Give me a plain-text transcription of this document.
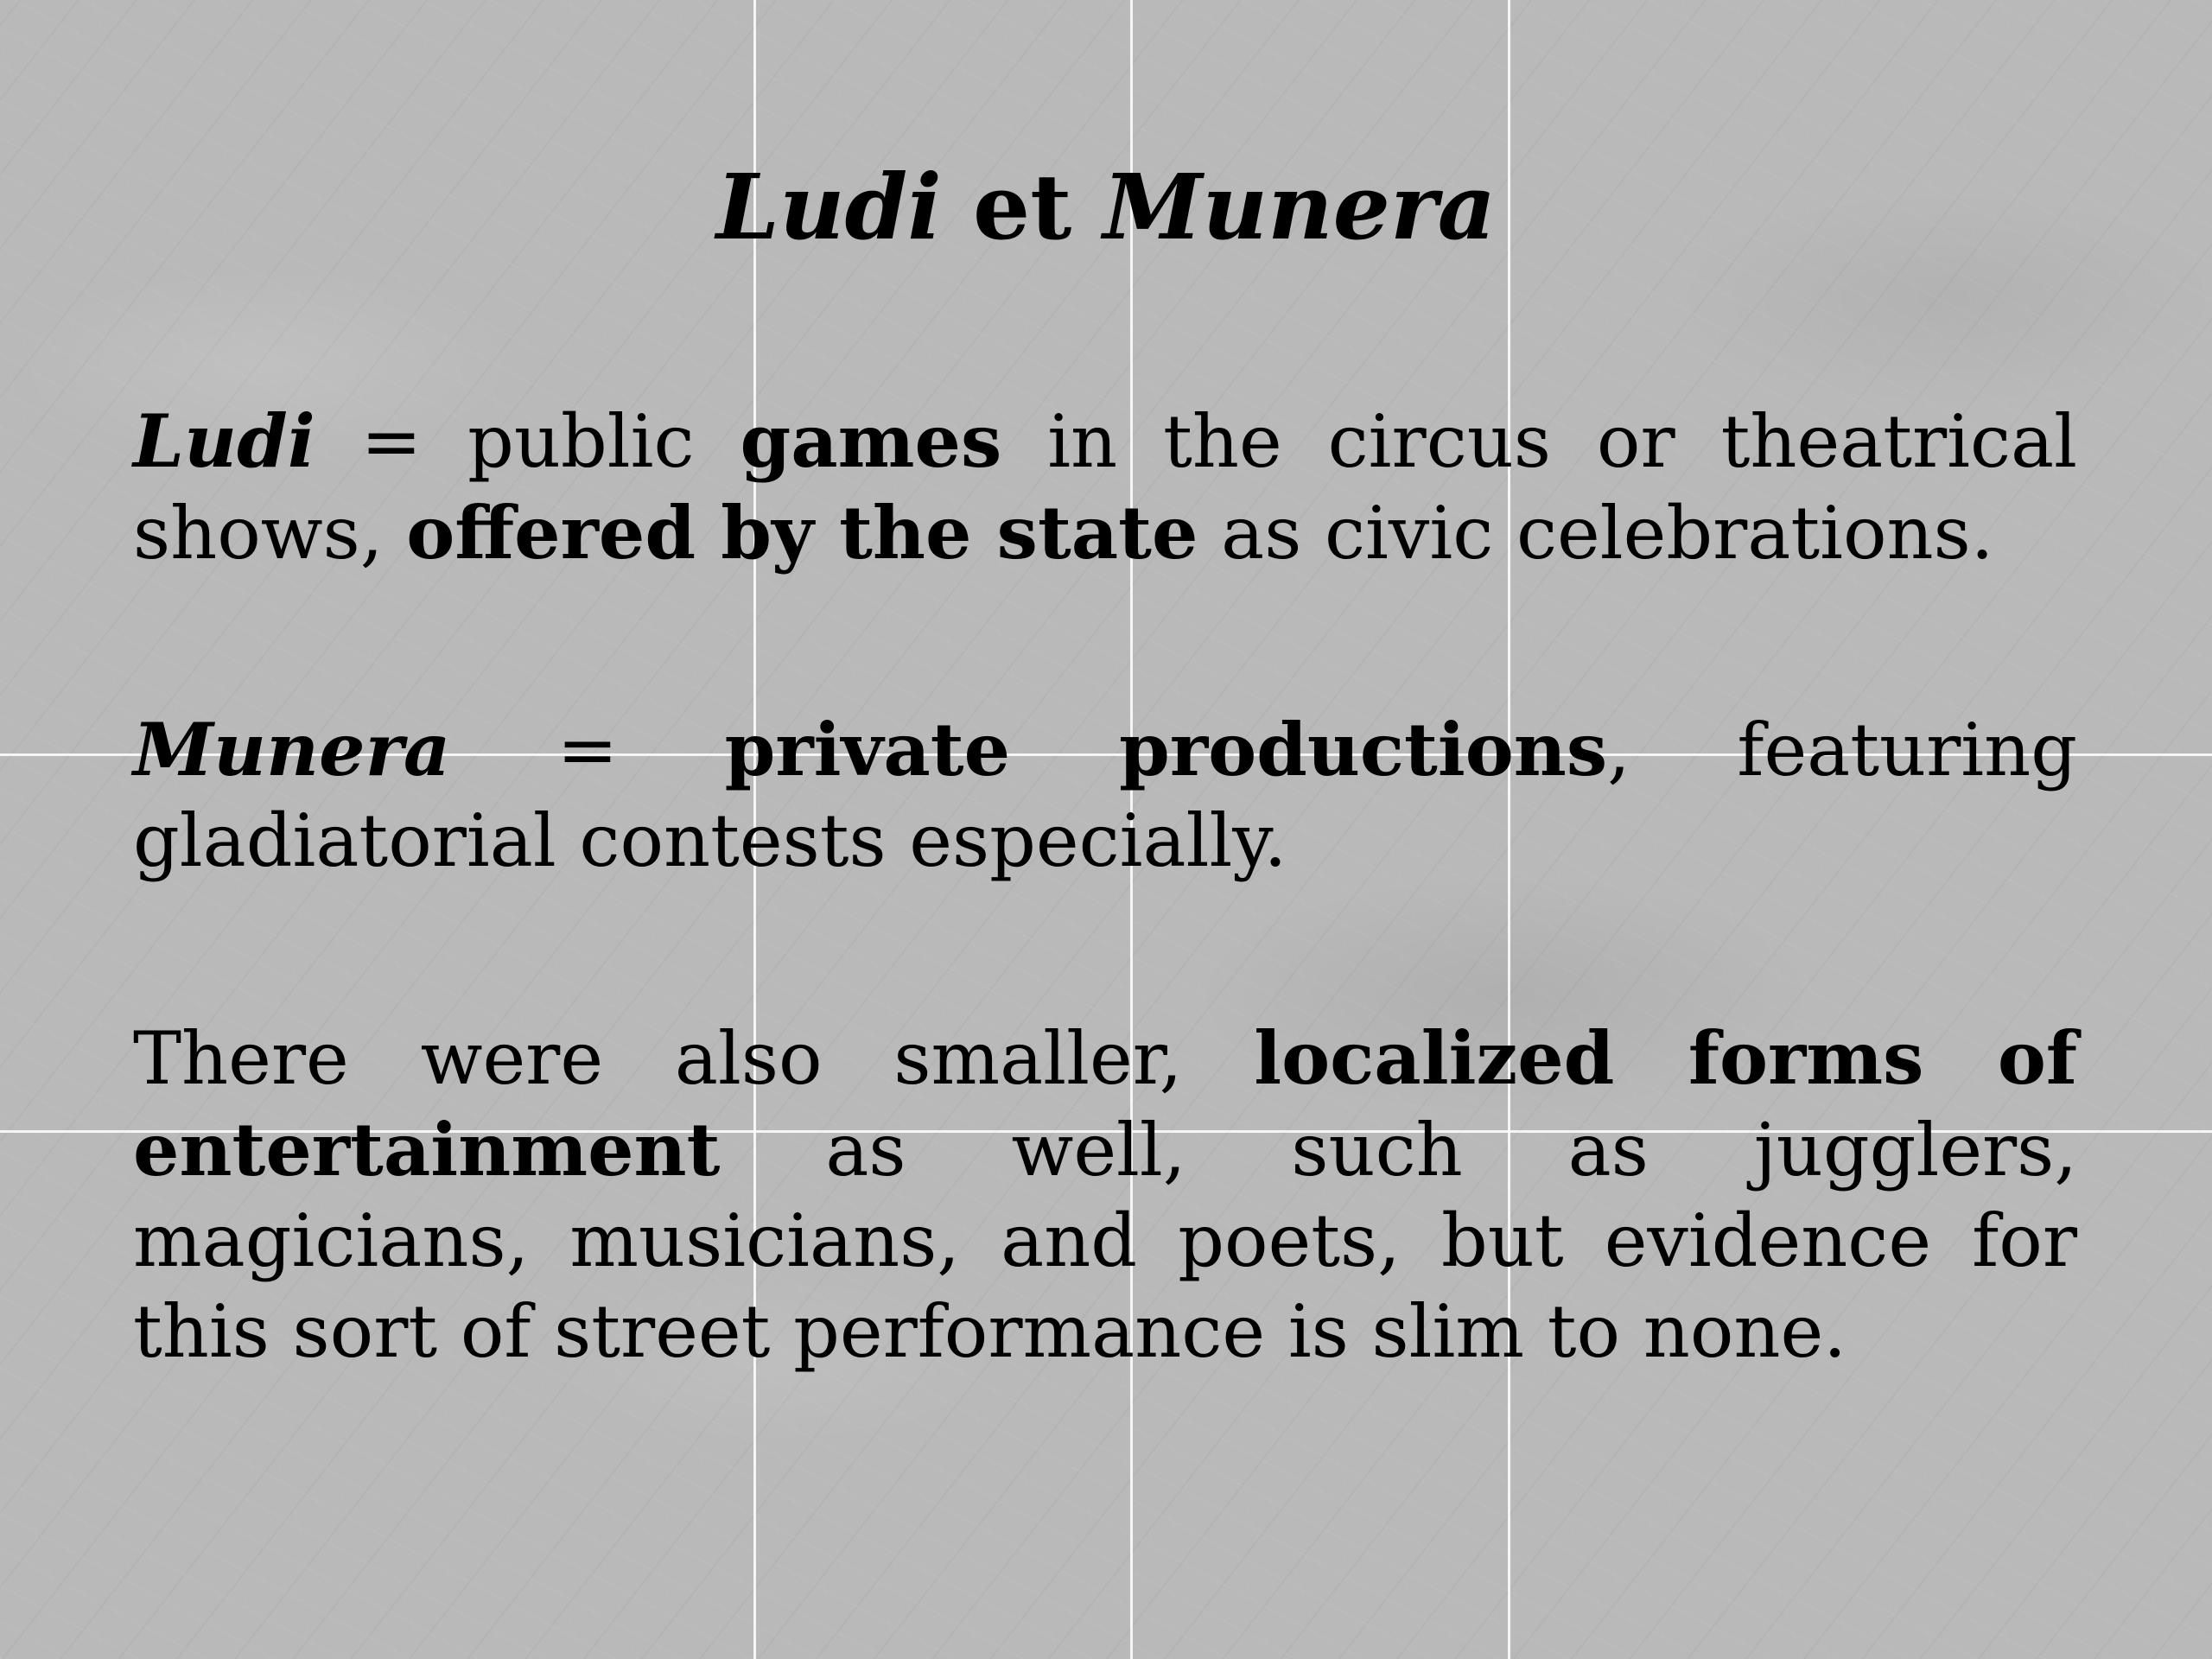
Ludi et Munera
Ludi = public games in the circus or theatrical shows, offered by the state as civic celebrations.
Munera = private productions, featuring gladiatorial contests especially.
There were also smaller, localized forms of entertainment as well, such as jugglers, magicians, musicians, and poets, but evidence for this sort of street performance is slim to none.
